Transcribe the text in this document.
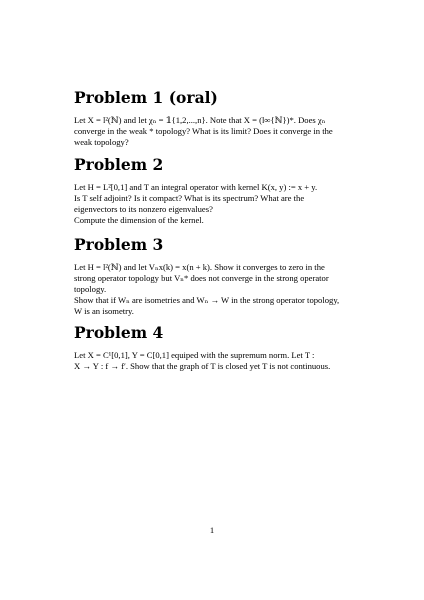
Problem 1 (oral)

Let X = l²(ℕ) and let χₙ = 𝟙{1,2,...,n}. Note that X = (l∞{ℕ})*. Does χₙ
converge in the weak * topology? What is its limit? Does it converge in the
weak topology?

Problem 2

Let H = L²[0,1] and T an integral operator with kernel K(x, y) := x + y.
Is T self adjoint? Is it compact? What is its spectrum? What are the
eigenvectors to its nonzero eigenvalues?
Compute the dimension of the kernel.

Problem 3

Let H = l²(ℕ) and let Vₙx(k) = x(n + k). Show it converges to zero in the
strong operator topology but Vₙ* does not converge in the strong operator
topology.
Show that if Wₙ are isometries and Wₙ → W in the strong operator topology,
W is an isometry.

Problem 4

Let X = C¹[0,1], Y = C[0,1] equiped with the supremum norm. Let T :
X → Y : f → f′. Show that the graph of T is closed yet T is not continuous.

1
